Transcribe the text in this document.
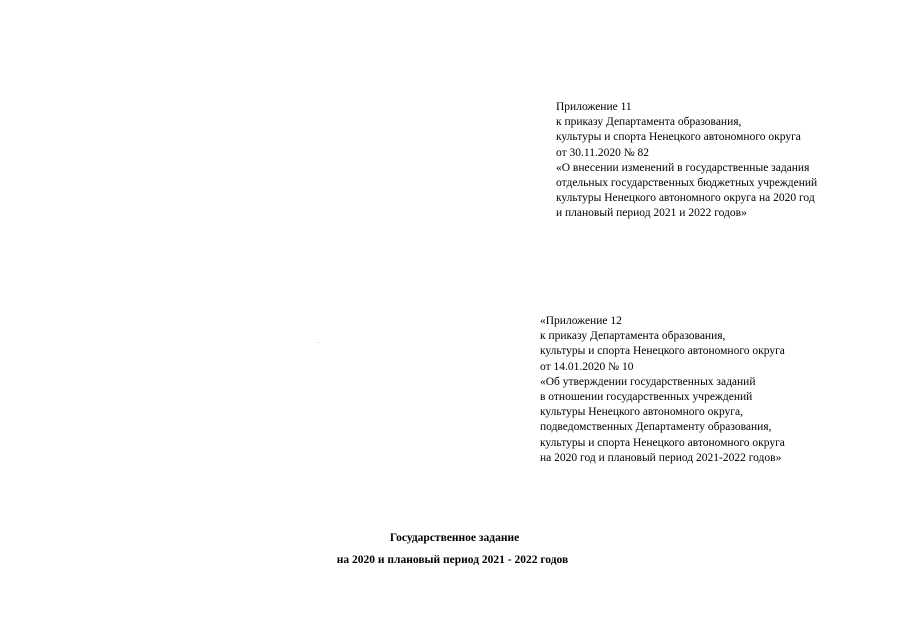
Приложение 11
к приказу Департамента образования,
культуры и спорта Ненецкого автономного округа
от 30.11.2020 № 82
«О внесении изменений в государственные задания
отдельных государственных бюджетных учреждений
культуры Ненецкого автономного округа на 2020 год
и плановый период 2021 и 2022 годов»
«Приложение 12
к приказу Департамента образования,
культуры и спорта Ненецкого автономного округа
от 14.01.2020 № 10
«Об утверждении государственных заданий
в отношении государственных учреждений
культуры Ненецкого автономного округа,
подведомственных Департаменту образования,
культуры и спорта Ненецкого автономного округа
на 2020 год и плановый период 2021-2022 годов»
Государственное задание
на 2020 и плановый период 2021 - 2022 годов
